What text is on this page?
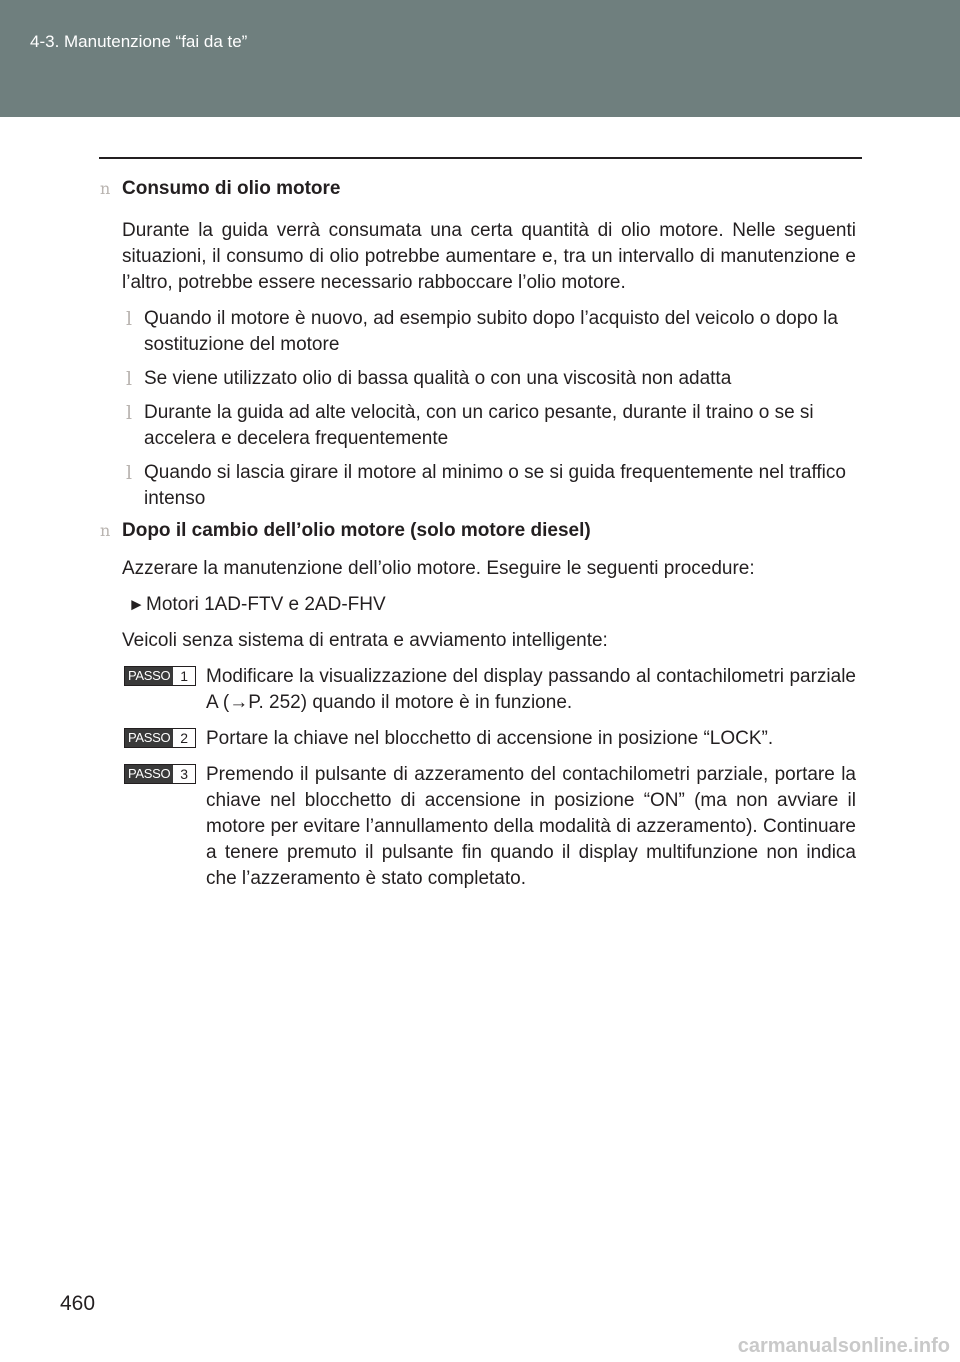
4-3. Manutenzione “fai da te”
n Consumo di olio motore
Durante la guida verrà consumata una certa quantità di olio motore. Nelle seguenti situazioni, il consumo di olio potrebbe aumentare e, tra un intervallo di manutenzione e l’altro, potrebbe essere necessario rabboccare l’olio motore.
l Quando il motore è nuovo, ad esempio subito dopo l’acquisto del veicolo o dopo la sostituzione del motore
l Se viene utilizzato olio di bassa qualità o con una viscosità non adatta
l Durante la guida ad alte velocità, con un carico pesante, durante il traino o se si accelera e decelera frequentemente
l Quando si lascia girare il motore al minimo o se si guida frequentemente nel traffico intenso
n Dopo il cambio dell’olio motore (solo motore diesel)
Azzerare la manutenzione dell’olio motore. Eseguire le seguenti procedure:
► Motori 1AD-FTV e 2AD-FHV
Veicoli senza sistema di entrata e avviamento intelligente:
PASSO 1 Modificare la visualizzazione del display passando al contachilometri parziale A (→P. 252) quando il motore è in funzione.
PASSO 2 Portare la chiave nel blocchetto di accensione in posizione “LOCK”.
PASSO 3 Premendo il pulsante di azzeramento del contachilometri parziale, portare la chiave nel blocchetto di accensione in posizione “ON” (ma non avviare il motore per evitare l’annullamento della modalità di azzeramento). Continuare a tenere premuto il pulsante fin quando il display multifunzione non indica che l’azzeramento è stato completato.
460
carmanualsonline.info
